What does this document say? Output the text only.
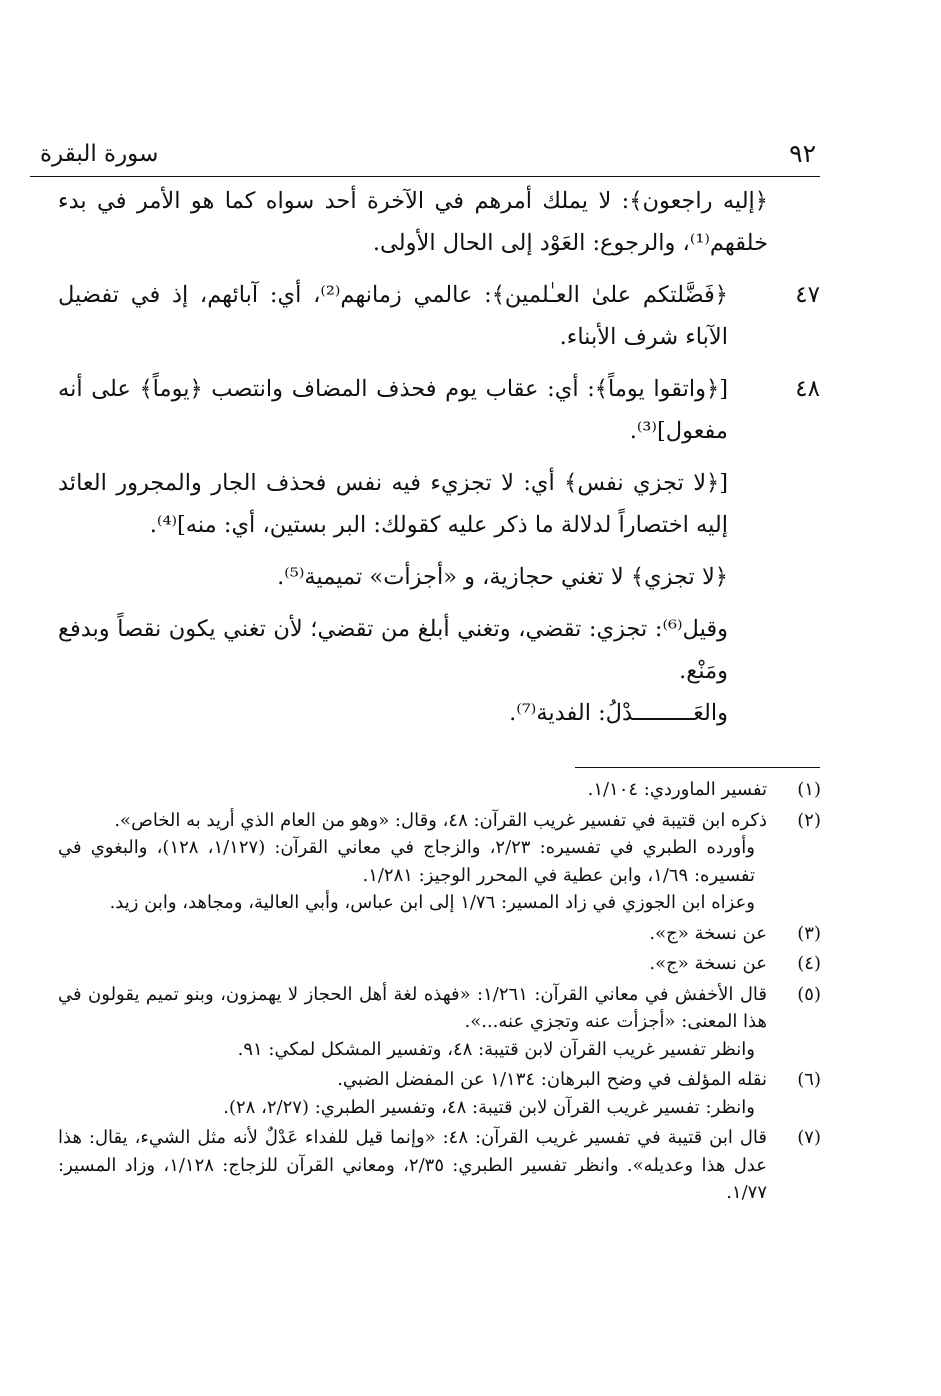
سورة البقرة	٩٢

﴿إليه راجعون﴾: لا يملك أمرهم في الآخرة أحد سواه كما هو الأمر في بدء خلقهم⁽¹⁾، والرجوع: العَوْد إلى الحال الأولى.

٤٧

﴿فَضَّلتكم علىٰ العـٰلمين﴾: عالمي زمانهم⁽²⁾، أي: آبائهم، إذ في تفضيل الآباء شرف الأبناء.

٤٨

[﴿واتقوا يوماً﴾: أي: عقاب يوم فحذف المضاف وانتصب ﴿يوماً﴾ على أنه مفعول]⁽³⁾.

[﴿لا تجزي نفس﴾ أي: لا تجزيء فيه نفس فحذف الجار والمجرور العائد إليه اختصاراً لدلالة ما ذكر عليه كقولك: البر بستين، أي: منه]⁽⁴⁾.

﴿لا تجزي﴾ لا تغني حجازية، و «أجزأت» تميمية⁽⁵⁾.

وقيل⁽⁶⁾: تجزي: تقضي، وتغني أبلغ من تقضي؛ لأن تغني يكون نقصاً وبدفع ومَنْع.

والعَـــــــــدْلُ: الفدية⁽⁷⁾.

(١)
تفسير الماوردي: ١/١٠٤.
(٢)
ذكره ابن قتيبة في تفسير غريب القرآن: ٤٨، وقال: «وهو من العام الذي أريد به الخاص».
وأورده الطبري في تفسيره: ٢/٢٣، والزجاج في معاني القرآن: (١/١٢٧، ١٢٨)، والبغوي في تفسيره: ١/٦٩، وابن عطية في المحرر الوجيز: ١/٢٨١.
وعزاه ابن الجوزي في زاد المسير: ١/٧٦ إلى ابن عباس، وأبي العالية، ومجاهد، وابن زيد.
(٣)
عن نسخة «ج».
(٤)
عن نسخة «ج».
(٥)
قال الأخفش في معاني القرآن: ١/٢٦١: «فهذه لغة أهل الحجاز لا يهمزون، وبنو تميم يقولون في هذا المعنى: «أجزأت عنه وتجزي عنه...».
وانظر تفسير غريب القرآن لابن قتيبة: ٤٨، وتفسير المشكل لمكي: ٩١.
(٦)
نقله المؤلف في وضح البرهان: ١/١٣٤ عن المفضل الضبي.
وانظر: تفسير غريب القرآن لابن قتيبة: ٤٨، وتفسير الطبري: (٢/٢٧، ٢٨).
(٧)
قال ابن قتيبة في تفسير غريب القرآن: ٤٨: «وإنما قيل للفداء عَدْلٌ لأنه مثل الشيء، يقال: هذا عدل هذا وعديله». وانظر تفسير الطبري: ٢/٣٥، ومعاني القرآن للزجاج: ١/١٢٨، وزاد المسير: ١/٧٧.
